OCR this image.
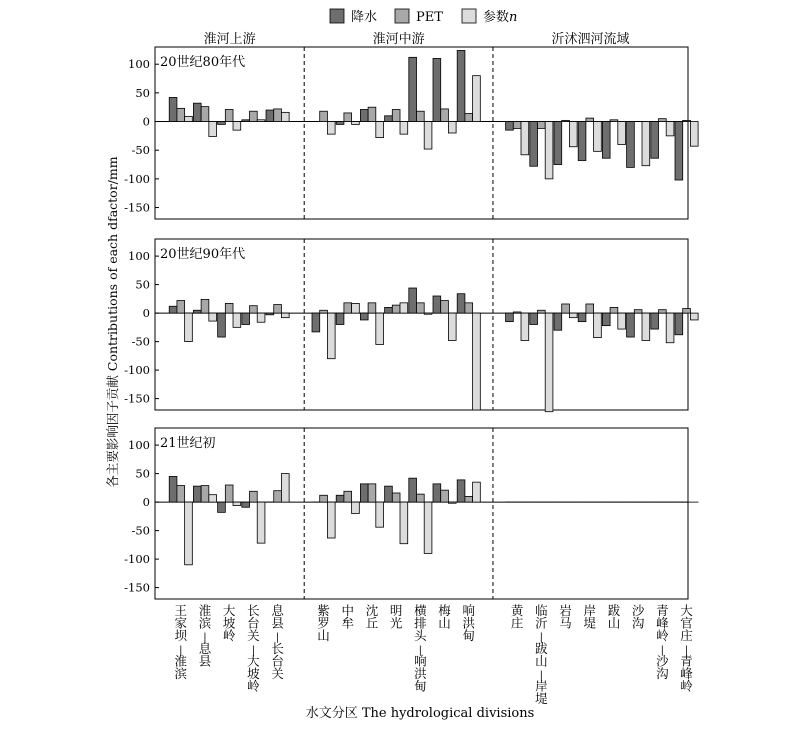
降水	PET	参数n
淮河上游	淮河中游	沂沭泗河流域
-150
-100
-50
0
50
100 20世纪80年代
-150
-100
-50
0
50
100 20世纪90年代
-150
-100
-50
0
50
100 21世纪初
王家坝|淮滨
淮滨|息县
大坡岭
长台关|大坡岭
息县|长台关
紫罗山
中牟
沈丘
明光
横排头|响洪甸
梅山
响洪甸
黄庄
临沂|跋山|岸堤
岩马
岸堤
跋山
沙沟
青峰岭|沙沟
大官庄|青峰岭
各主要影响因子贡献 Contributions of each dfactor/mm
水文分区 The hydrological divisions
